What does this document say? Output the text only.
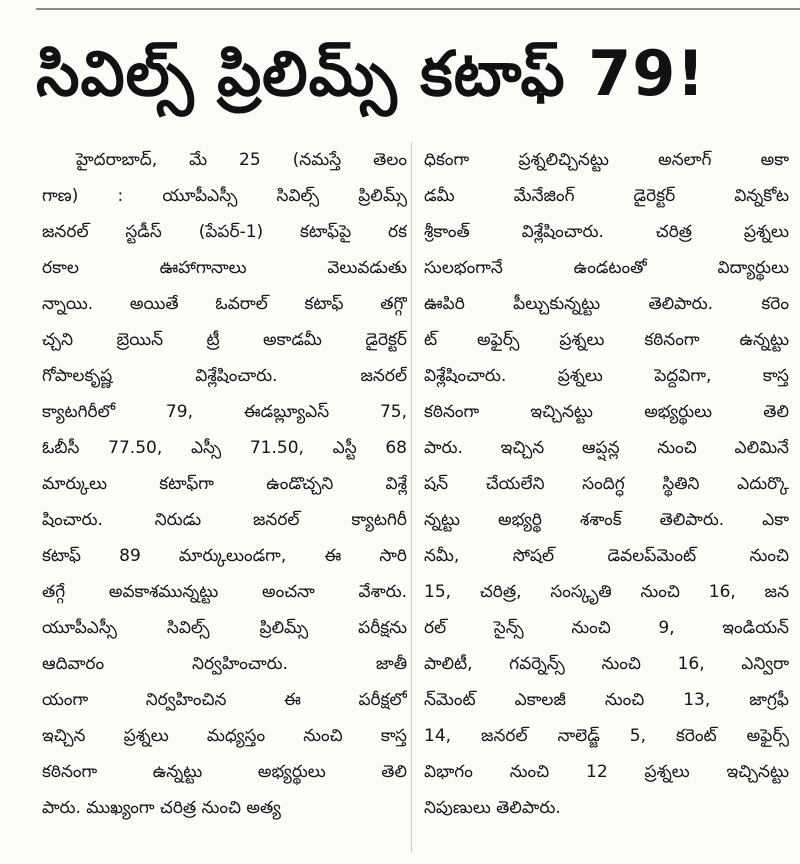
సివిల్స్ ప్రిలిమ్స్ కటాఫ్ 79!
హైదరాబాద్, మే 25 (నమస్తే తెలం
గాణ) : యూపీఎస్సీ సివిల్స్ ప్రిలిమ్స్
జనరల్ స్టడీస్ (పేపర్-1) కటాఫ్‌పై రక
రకాల ఊహాగానాలు వెలువడుతు
న్నాయి. అయితే ఓవరాల్ కటాఫ్ తగ్గొ
చ్చని బ్రెయిన్ ట్రీ అకాడమీ డైరెక్టర్
గోపాలకృష్ణ విశ్లేషించారు. జనరల్
క్యాటగిరీలో 79, ఈడబ్ల్యూఎస్ 75,
ఓబీసీ 77.50, ఎస్సీ 71.50, ఎస్టీ 68
మార్కులు కటాఫ్‌గా ఉండొచ్చని విశ్లే
షించారు. నిరుడు జనరల్ క్యాటగిరీ
కటాఫ్ 89 మార్కులుండగా, ఈ సారి
తగ్గే అవకాశమున్నట్టు అంచనా వేశారు.
యూపీఎస్సీ సివిల్స్ ప్రిలిమ్స్ పరీక్షను
ఆదివారం నిర్వహించారు. జాతీ
యంగా నిర్వహించిన ఈ పరీక్షలో
ఇచ్చిన ప్రశ్నలు మధ్యస్తం నుంచి కాస్త
కఠినంగా ఉన్నట్టు అభ్యర్థులు తెలి
పారు. ముఖ్యంగా చరిత్ర నుంచి అత్య
ధికంగా ప్రశ్నలిచ్చినట్టు అనలాగ్ అకా
డమీ మేనేజింగ్ డైరెక్టర్ విన్నకోట
శ్రీకాంత్ విశ్లేషించారు. చరిత్ర ప్రశ్నలు
సులభంగానే ఉండటంతో విద్యార్థులు
ఊపిరి పీల్చుకున్నట్టు తెలిపారు. కరెం
ట్ అఫైర్స్ ప్రశ్నలు కఠినంగా ఉన్నట్టు
విశ్లేషించారు. ప్రశ్నలు పెద్దవిగా, కాస్త
కఠినంగా ఇచ్చినట్టు అభ్యర్థులు తెలి
పారు. ఇచ్చిన ఆప్షన్ల నుంచి ఎలిమినే
షన్ చేయలేని సందిగ్ధ స్థితిని ఎదుర్కొ
న్నట్టు అభ్యర్థి శశాంక్ తెలిపారు. ఎకా
నమీ, సోషల్ డెవలప్‌మెంట్ నుంచి
15, చరిత్ర, సంస్కృతి నుంచి 16, జన
రల్ సైన్స్ నుంచి 9, ఇండియన్
పాలిటీ, గవర్నెన్స్ నుంచి 16, ఎన్విరా
న్‌మెంట్ ఎకాలజీ నుంచి 13, జాగ్రఫీ
14, జనరల్ నాలెడ్జ్ 5, కరెంట్ అఫైర్స్
విభాగం నుంచి 12 ప్రశ్నలు ఇచ్చినట్టు
నిపుణులు తెలిపారు.
